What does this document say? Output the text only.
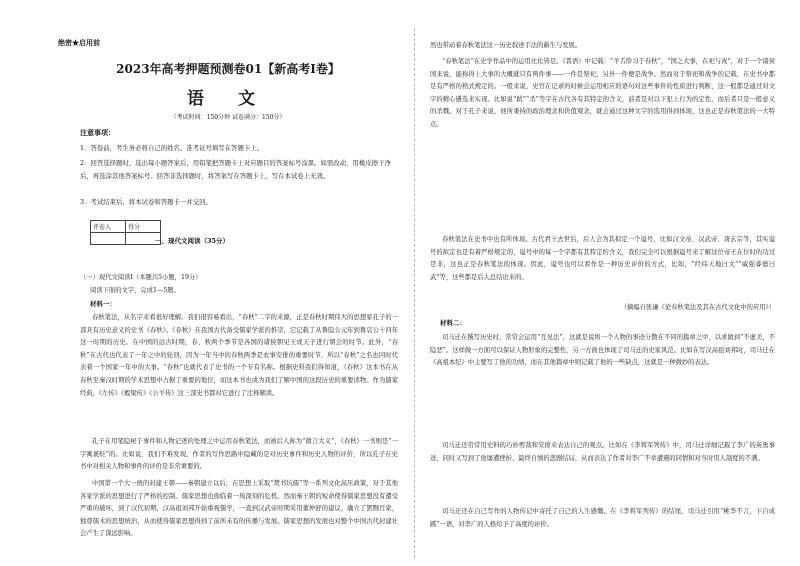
绝密★启用前
2023年高考押题预测卷01【新高考Ⅰ卷】
语 文
（考试时间：150分钟 试卷满分：150分）
注意事项：
1．答卷前，考生务必将自己的姓名、准考证号填写在答题卡上。
2．回答选择题时，选出每小题答案后，用铅笔把答题卡上对应题目的答案标号涂黑。如需改动，用橡皮擦干净后，再选涂其他答案标号。回答非选择题时，将答案写在答题卡上，写在本试卷上无效。
3．考试结束后，将本试卷和答题卡一并交回。
评卷人	得分

一、现代文阅读（35分）
（一）现代文阅读Ⅰ（本题共5小题，19分）
阅读下面的文字，完成1—5题。
材料一：
春秋笔法，从名字来看很好理解。我们很容易看出，“春秋”二字的来源，正是春秋时期伟大的思想家孔子的一部具有历史意义的史书《春秋》。《春秋》在我国古代备受儒家学派的推崇，它记载了从鲁隐公元年到鲁哀公十四年这一时期的历史。在中国的远古时期，春、秋两个季节是各国的诸侯朝见王或天子进行朝会的时节。此外，“春秋”在古代也代表了一年之中的轮回，因为一年当中的春秋两季是农事安排的重要时节，所以“春秋”之名也同时代表着一个国家一年中的大事。“春秋”也就代表了史书的一个专有名称。根据史料我们得知道，《春秋》这本书在从春秋至秦汉时期的学术思想中占据了重要的地位，而这本书也成为我们了解中国的这段历史的重要读物。作为儒家经典，《左传》《穀梁传》《公羊传》这三部史书都对它进行了注释解读。
孔子在用笔隐秘于事件和人物记述的处理之中运用春秋笔法，而被后人称为“微言大义”，《春秋》一书则是“一字寓褒贬”的。比如说，我们不难发现，作者的写作思路中隐藏的是对历史事件和历史人物的评价，所以孔子在史书中对相关人物和事件的评价是非常重要的。
中国第一个大一统的封建王朝——秦朝建立以后，在思想上采取“焚书坑儒”等一系列文化高压政策，对于其他各家学派的思想进行了严格的控制。儒家思想也面临着一场深刻的危机。然而秦王朝的短命使得儒家思想没有遭受严重的破坏，到了汉代初期，汉高祖刘邦开始重视儒学，一直到汉武帝时期采用董仲舒的建议，确立了罢黜百家，独尊儒术的思想统治，从而使得儒家思想得到了前所未有的传播与发展。儒家思想的发展也对整个中国古代封建社会产生了深远影响。
然也带动着春秋笔法这一历史叙述手法的新生与发展。
“春秋笔法”在史学作品中的运用比比皆是。《晋语》中记载：“羊舌肸习于春秋”，“国之大事，在祀与戎”，对于一个诸侯国来说，能称得上大事的大概就只有两件事——一件是祭祀，另外一件便是战争。然而对于祭祀和战争的记载，在史书中都是有严格的格式规定的。一般来说，史官在记录的时候会运用相应的语句对这些事件的性质进行判断，这一般都是通过对文字的精心遴选来实现。比如说“弑”“杀”等字在古代各有其特定的含义，前者是对以下犯上行为的定性，而后者只是一般意义的杀戮。对于孔子来说，他所秉持的政治理念和价值观念，就会通过这种文字的选用得到体现，这也正是春秋笔法的一大特点。
春秋笔法在史书中也有所体现。古代君王去世后，后人会为其拟定一个谥号，比如汉文帝、汉武帝、唐玄宗等，其实谥号的拟定也是有着严格规定的，谥号中的每一个字都有其特定的含义，我们完全可以根据谥号来了解这位帝王在位时的功过是非，这也正是春秋笔法的体现。因此，谥号也可以看作是一种历史评价的方式，比如，“经纬天地曰文”“威强睿德曰武”等，这些都是后人总结出来的。
（摘编自张谦《论春秋笔法及其在古代文化中的应用》）
材料二：
司马迁在撰写历史时，常常会运用“互见法”，这就是说将一个人物的事迹分散在不同的篇章之中，以求做到“不虚美，不隐恶”。这样做一方面可以保证人物形象的完整性，另一方面也体现了司马迁的史家风范。比如在写汉高祖刘邦时，司马迁在《高祖本纪》中主要写了他的功绩，而在其他篇章中则记载了他的一些缺点，这就是一种微妙的表达。
司马迁还常常用史料的巧妙剪裁和安排来表达自己的观点。比如在《李将军列传》中，司马迁详细记载了李广的英勇事迹，同时又写到了他屡遭挫折、最终自刎的悲剧结局，从而表达了作者对李广不幸遭遇的同情和对当时用人制度的不满。
司马迁还在自己写作的人物传记中寄托了自己的人生感慨。在《李将军列传》的结尾，司马迁引用“桃李不言，下自成蹊”一语，对李广的人格给予了高度的评价。
